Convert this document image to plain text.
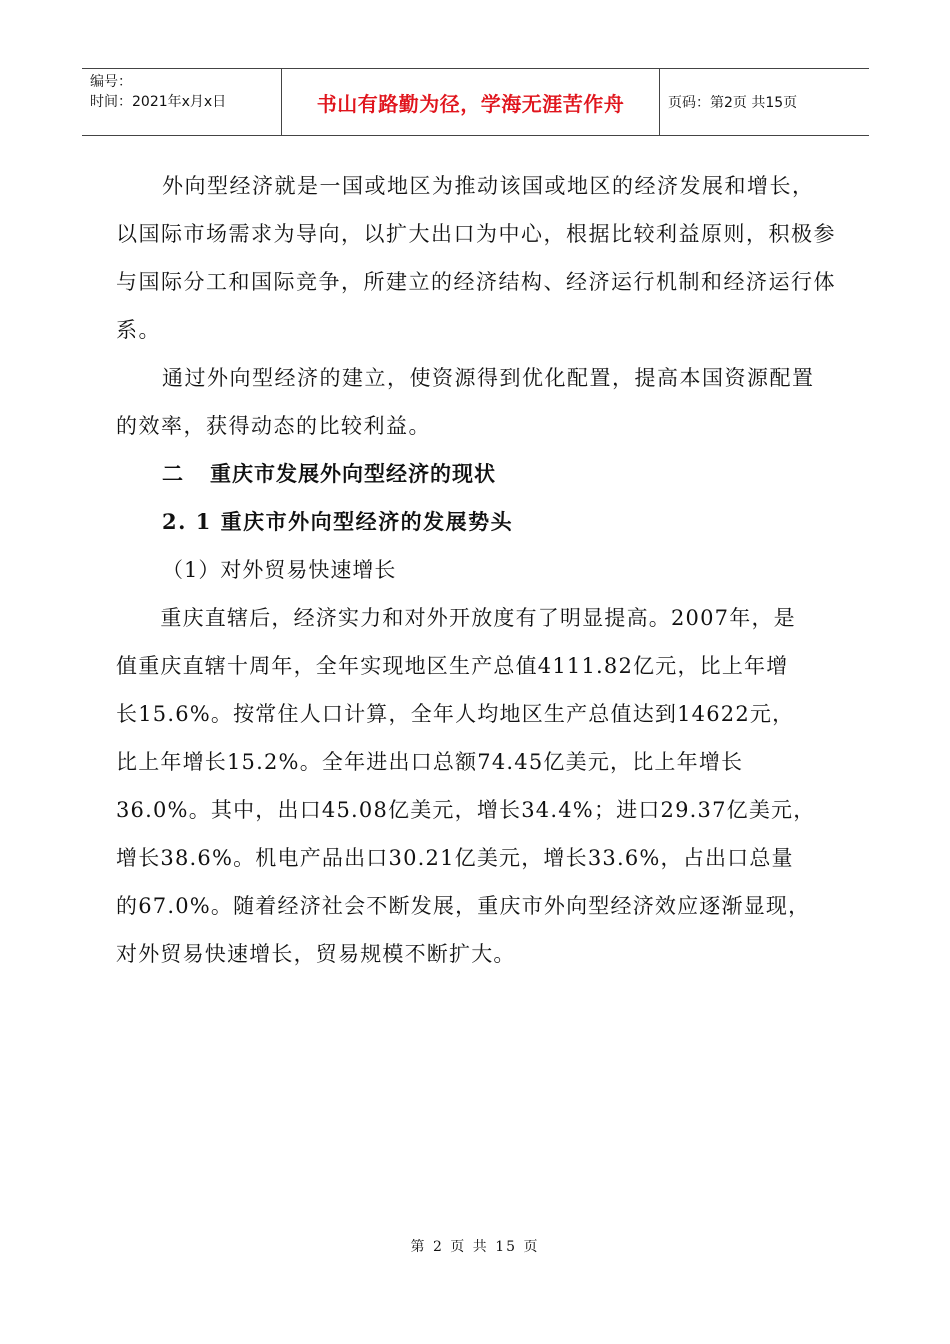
编号：
时间：2021年x月x日	书山有路勤为径，学海无涯苦作舟	页码：第2页 共15页

外向型经济就是一国或地区为推动该国或地区的经济发展和增长，以国际市场需求为导向，以扩大出口为中心，根据比较利益原则，积极参与国际分工和国际竞争，所建立的经济结构、经济运行机制和经济运行体系。

通过外向型经济的建立，使资源得到优化配置，提高本国资源配置的效率，获得动态的比较利益。

二 重庆市发展外向型经济的现状

2. 1 重庆市外向型经济的发展势头

（1）对外贸易快速增长

　　重庆直辖后，经济实力和对外开放度有了明显提高。2007年，是

值重庆直辖十周年，全年实现地区生产总值4111.82亿元，比上年增

长15.6%。按常住人口计算，全年人均地区生产总值达到14622元，

比上年增长15.2%。全年进出口总额74.45亿美元，比上年增长

36.0%。其中，出口45.08亿美元，增长34.4%；进口29.37亿美元，

增长38.6%。机电产品出口30.21亿美元，增长33.6%，占出口总量

的67.0%。随着经济社会不断发展，重庆市外向型经济效应逐渐显现，

对外贸易快速增长，贸易规模不断扩大。

第 2 页 共 15 页
